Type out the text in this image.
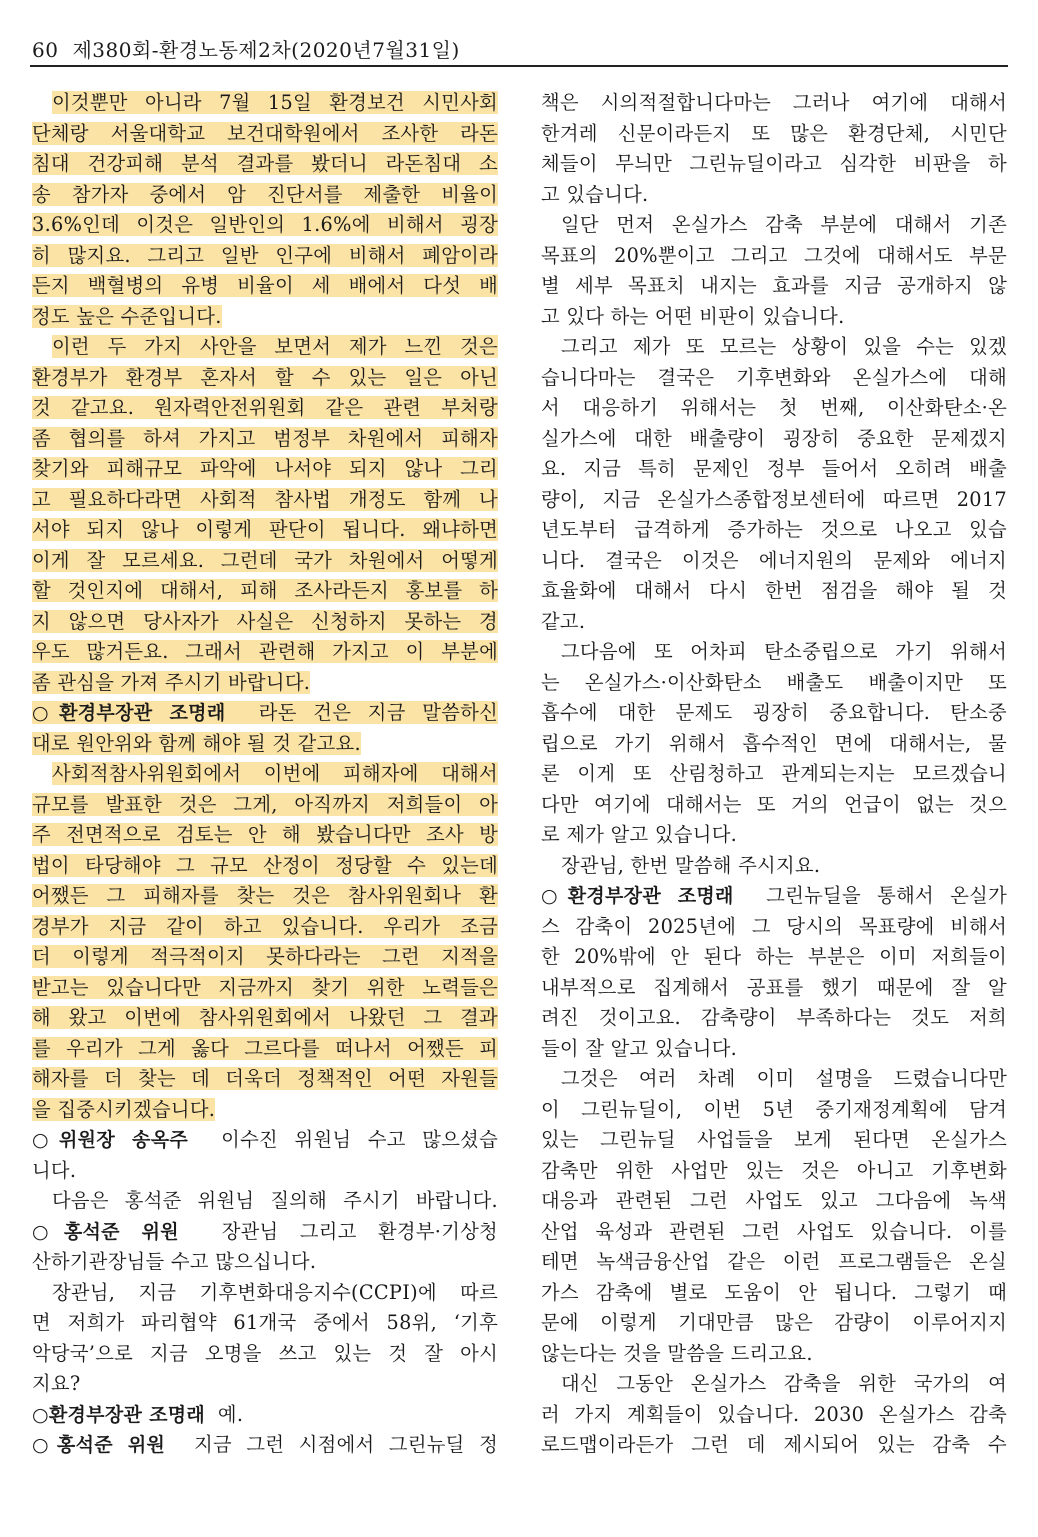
60 제380회-환경노동제2차(2020년7월31일)
이것뿐만 아니라 7월 15일 환경보건 시민사회
단체랑 서울대학교 보건대학원에서 조사한 라돈
침대 건강피해 분석 결과를 봤더니 라돈침대 소
송 참가자 중에서 암 진단서를 제출한 비율이
3.6%인데 이것은 일반인의 1.6%에 비해서 굉장
히 많지요. 그리고 일반 인구에 비해서 폐암이라
든지 백혈병의 유병 비율이 세 배에서 다섯 배
정도 높은 수준입니다.
이런 두 가지 사안을 보면서 제가 느낀 것은
환경부가 환경부 혼자서 할 수 있는 일은 아닌
것 같고요. 원자력안전위원회 같은 관련 부처랑
좀 협의를 하셔 가지고 범정부 차원에서 피해자
찾기와 피해규모 파악에 나서야 되지 않나 그리
고 필요하다라면 사회적 참사법 개정도 함께 나
서야 되지 않나 이렇게 판단이 됩니다. 왜냐하면
이게 잘 모르세요. 그런데 국가 차원에서 어떻게
할 것인지에 대해서, 피해 조사라든지 홍보를 하
지 않으면 당사자가 사실은 신청하지 못하는 경
우도 많거든요. 그래서 관련해 가지고 이 부분에
좀 관심을 가져 주시기 바랍니다.
○환경부장관 조명래 라돈 건은 지금 말씀하신
대로 원안위와 함께 해야 될 것 같고요.
사회적참사위원회에서 이번에 피해자에 대해서
규모를 발표한 것은 그게, 아직까지 저희들이 아
주 전면적으로 검토는 안 해 봤습니다만 조사 방
법이 타당해야 그 규모 산정이 정당할 수 있는데
어쨌든 그 피해자를 찾는 것은 참사위원회나 환
경부가 지금 같이 하고 있습니다. 우리가 조금
더 이렇게 적극적이지 못하다라는 그런 지적을
받고는 있습니다만 지금까지 찾기 위한 노력들은
해 왔고 이번에 참사위원회에서 나왔던 그 결과
를 우리가 그게 옳다 그르다를 떠나서 어쨌든 피
해자를 더 찾는 데 더욱더 정책적인 어떤 자원들
을 집중시키겠습니다.
○위원장 송옥주 이수진 위원님 수고 많으셨습
니다.
다음은 홍석준 위원님 질의해 주시기 바랍니다.
○홍석준 위원 장관님 그리고 환경부·기상청
산하기관장님들 수고 많으십니다.
장관님, 지금 기후변화대응지수(CCPI)에 따르
면 저희가 파리협약 61개국 중에서 58위, ‘기후
악당국’으로 지금 오명을 쓰고 있는 것 잘 아시
지요?
○환경부장관 조명래 예.
○홍석준 위원 지금 그런 시점에서 그린뉴딜 정
책은 시의적절합니다마는 그러나 여기에 대해서
한겨레 신문이라든지 또 많은 환경단체, 시민단
체들이 무늬만 그린뉴딜이라고 심각한 비판을 하
고 있습니다.
일단 먼저 온실가스 감축 부분에 대해서 기존
목표의 20%뿐이고 그리고 그것에 대해서도 부문
별 세부 목표치 내지는 효과를 지금 공개하지 않
고 있다 하는 어떤 비판이 있습니다.
그리고 제가 또 모르는 상황이 있을 수는 있겠
습니다마는 결국은 기후변화와 온실가스에 대해
서 대응하기 위해서는 첫 번째, 이산화탄소·온
실가스에 대한 배출량이 굉장히 중요한 문제겠지
요. 지금 특히 문제인 정부 들어서 오히려 배출
량이, 지금 온실가스종합정보센터에 따르면 2017
년도부터 급격하게 증가하는 것으로 나오고 있습
니다. 결국은 이것은 에너지원의 문제와 에너지
효율화에 대해서 다시 한번 점검을 해야 될 것
같고.
그다음에 또 어차피 탄소중립으로 가기 위해서
는 온실가스·이산화탄소 배출도 배출이지만 또
흡수에 대한 문제도 굉장히 중요합니다. 탄소중
립으로 가기 위해서 흡수적인 면에 대해서는, 물
론 이게 또 산림청하고 관계되는지는 모르겠습니
다만 여기에 대해서는 또 거의 언급이 없는 것으
로 제가 알고 있습니다.
장관님, 한번 말씀해 주시지요.
○환경부장관 조명래 그린뉴딜을 통해서 온실가
스 감축이 2025년에 그 당시의 목표량에 비해서
한 20%밖에 안 된다 하는 부분은 이미 저희들이
내부적으로 집계해서 공표를 했기 때문에 잘 알
려진 것이고요. 감축량이 부족하다는 것도 저희
들이 잘 알고 있습니다.
그것은 여러 차례 이미 설명을 드렸습니다만
이 그린뉴딜이, 이번 5년 중기재정계획에 담겨
있는 그린뉴딜 사업들을 보게 된다면 온실가스
감축만 위한 사업만 있는 것은 아니고 기후변화
대응과 관련된 그런 사업도 있고 그다음에 녹색
산업 육성과 관련된 그런 사업도 있습니다. 이를
테면 녹색금융산업 같은 이런 프로그램들은 온실
가스 감축에 별로 도움이 안 됩니다. 그렇기 때
문에 이렇게 기대만큼 많은 감량이 이루어지지
않는다는 것을 말씀을 드리고요.
대신 그동안 온실가스 감축을 위한 국가의 여
러 가지 계획들이 있습니다. 2030 온실가스 감축
로드맵이라든가 그런 데 제시되어 있는 감축 수
